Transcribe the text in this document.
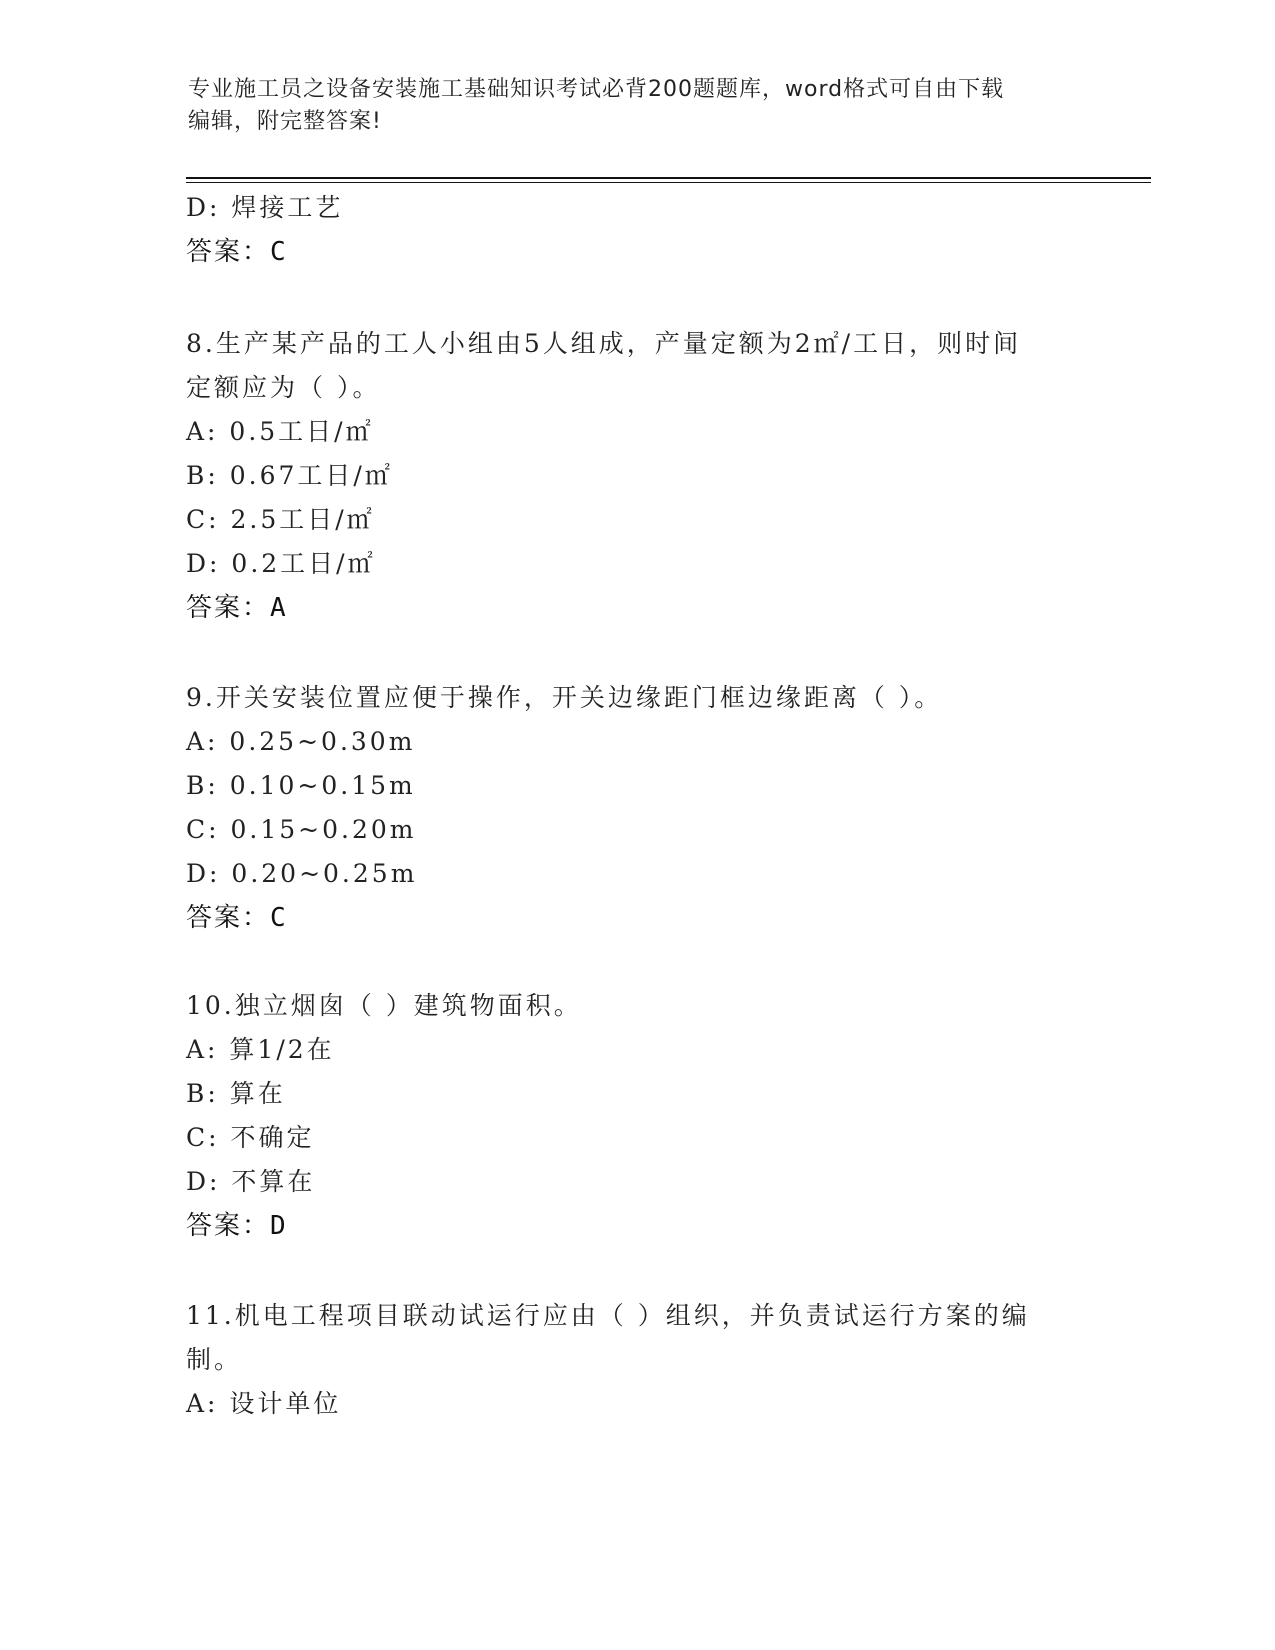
专业施工员之设备安装施工基础知识考试必背200题题库，word格式可自由下载
编辑，附完整答案!
D: 焊接工艺
答案：C
8.生产某产品的工人小组由5人组成，产量定额为2㎡/工日，则时间
定额应为（ ）。
A: 0.5工日/㎡
B: 0.67工日/㎡
C: 2.5工日/㎡
D: 0.2工日/㎡
答案：A
9.开关安装位置应便于操作，开关边缘距门框边缘距离（ ）。
A: 0.25~0.30m
B: 0.10~0.15m
C: 0.15~0.20m
D: 0.20~0.25m
答案：C
10.独立烟囱（ ）建筑物面积。
A: 算1/2在
B: 算在
C: 不确定
D: 不算在
答案：D
11.机电工程项目联动试运行应由（ ）组织，并负责试运行方案的编
制。
A: 设计单位
